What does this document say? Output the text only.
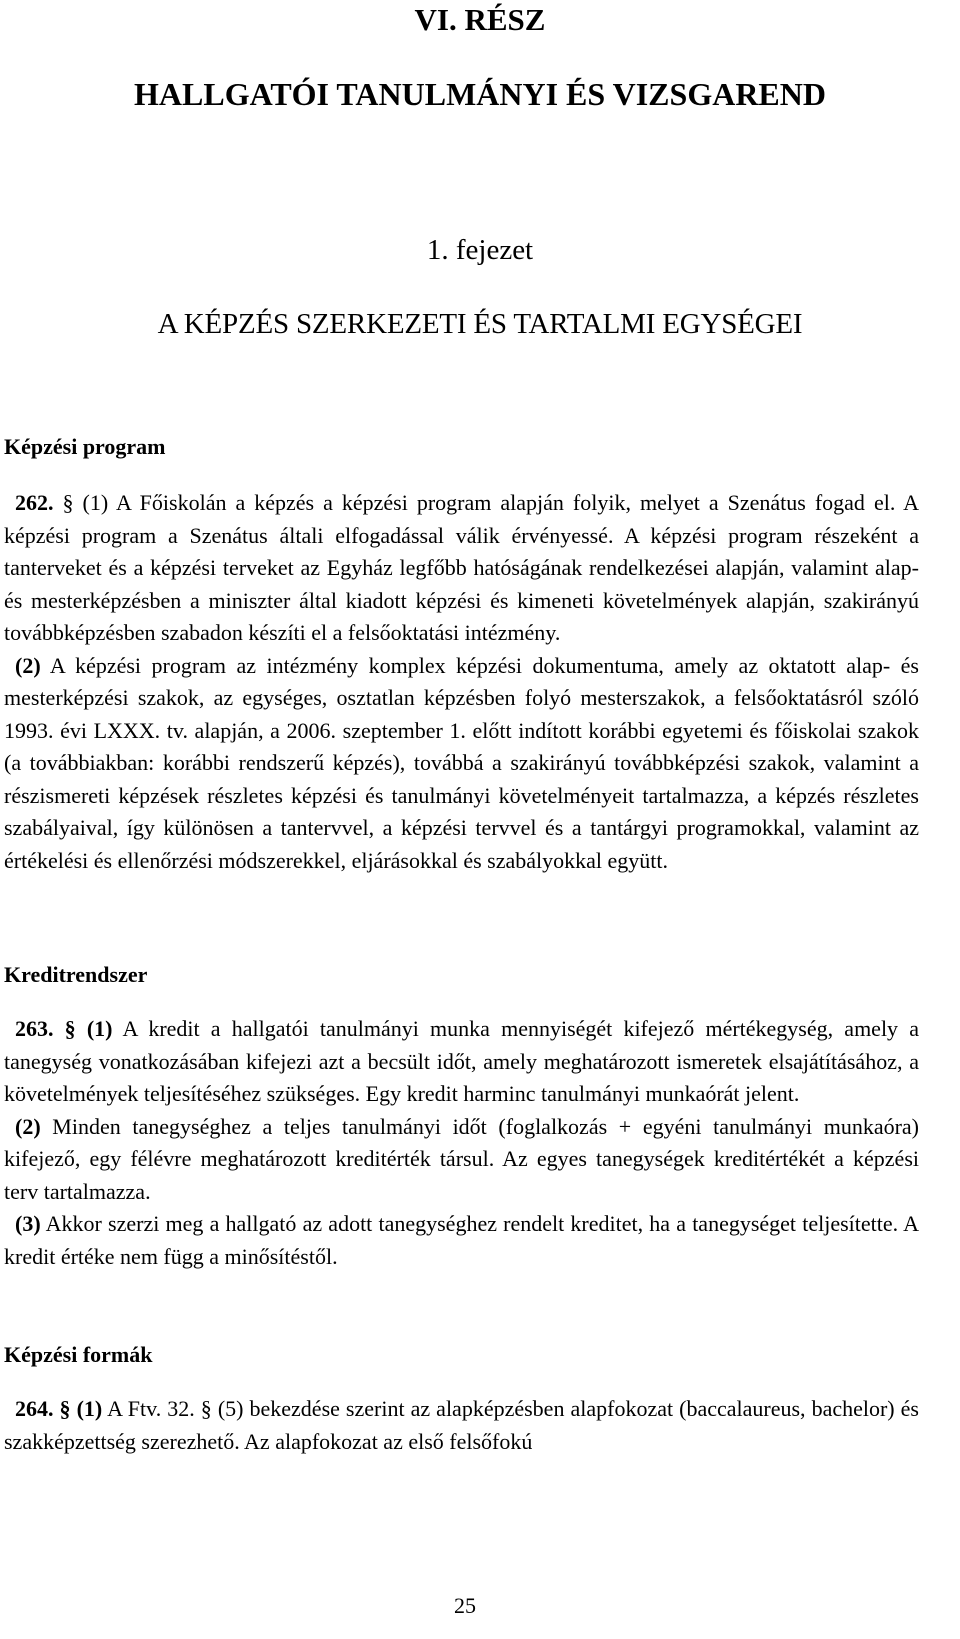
VI. RÉSZ
HALLGATÓI TANULMÁNYI ÉS VIZSGAREND
1. fejezet
A KÉPZÉS SZERKEZETI ÉS TARTALMI EGYSÉGEI
Képzési program

262. § (1) A Főiskolán a képzés a képzési program alapján folyik, melyet a Szenátus fogad el. A képzési program a Szenátus általi elfogadással válik érvényessé. A képzési program részeként a tanterveket és a képzési terveket az Egyház legfőbb hatóságának rendelkezései alapján, valamint alap- és mesterképzésben a miniszter által kiadott képzési és kimeneti követelmények alapján, szakirányú továbbképzésben szabadon készíti el a felsőoktatási intézmény.

(2) A képzési program az intézmény komplex képzési dokumentuma, amely az oktatott alap- és mesterképzési szakok, az egységes, osztatlan képzésben folyó mesterszakok, a felsőoktatásról szóló 1993. évi LXXX. tv. alapján, a 2006. szeptember 1. előtt indított korábbi egyetemi és főiskolai szakok (a továbbiakban: korábbi rendszerű képzés), továbbá a szakirányú továbbképzési szakok, valamint a részismereti képzések részletes képzési és tanulmányi követelményeit tartalmazza, a képzés részletes szabályaival, így különösen a tantervvel, a képzési tervvel és a tantárgyi programokkal, valamint az értékelési és ellenőrzési módszerekkel, eljárásokkal és szabályokkal együtt.

Kreditrendszer

263. § (1) A kredit a hallgatói tanulmányi munka mennyiségét kifejező mértékegység, amely a tanegység vonatkozásában kifejezi azt a becsült időt, amely meghatározott ismeretek elsajátításához, a követelmények teljesítéséhez szükséges. Egy kredit harminc tanulmányi munkaórát jelent.

(2) Minden tanegységhez a teljes tanulmányi időt (foglalkozás + egyéni tanulmányi munkaóra) kifejező, egy félévre meghatározott kreditérték társul. Az egyes tanegységek kreditértékét a képzési terv tartalmazza.

(3) Akkor szerzi meg a hallgató az adott tanegységhez rendelt kreditet, ha a tanegységet teljesítette. A kredit értéke nem függ a minősítéstől.

Képzési formák

264. § (1) A Ftv. 32. § (5) bekezdése szerint az alapképzésben alapfokozat (baccalaureus, bachelor) és szakképzettség szerezhető. Az alapfokozat az első felsőfokú

25
